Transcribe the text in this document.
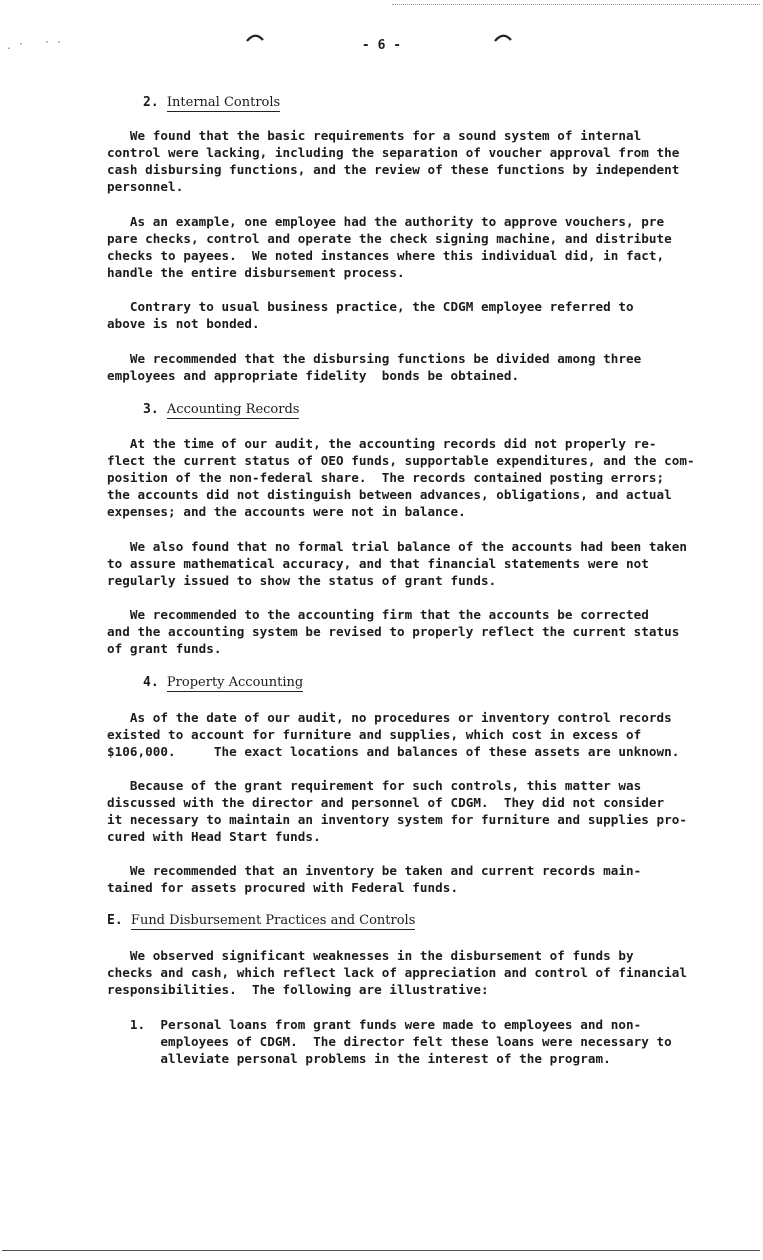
. · · ·	- 6 -
2. Internal Controls
We found that the basic requirements for a sound system of internal
control were lacking, including the separation of voucher approval from the
cash disbursing functions, and the review of these functions by independent
personnel.
As an example, one employee had the authority to approve vouchers, pre
pare checks, control and operate the check signing machine, and distribute
checks to payees.  We noted instances where this individual did, in fact,
handle the entire disbursement process.
Contrary to usual business practice, the CDGM employee referred to
above is not bonded.
We recommended that the disbursing functions be divided among three
employees and appropriate fidelity  bonds be obtained.
3. Accounting Records
At the time of our audit, the accounting records did not properly re-
flect the current status of OEO funds, supportable expenditures, and the com-
position of the non-federal share.  The records contained posting errors;
the accounts did not distinguish between advances, obligations, and actual
expenses; and the accounts were not in balance.
We also found that no formal trial balance of the accounts had been taken
to assure mathematical accuracy, and that financial statements were not
regularly issued to show the status of grant funds.
We recommended to the accounting firm that the accounts be corrected
and the accounting system be revised to properly reflect the current status
of grant funds.
4. Property Accounting
As of the date of our audit, no procedures or inventory control records
existed to account for furniture and supplies, which cost in excess of
$106,000.     The exact locations and balances of these assets are unknown.
Because of the grant requirement for such controls, this matter was
discussed with the director and personnel of CDGM.  They did not consider
it necessary to maintain an inventory system for furniture and supplies pro-
cured with Head Start funds.
We recommended that an inventory be taken and current records main-
tained for assets procured with Federal funds.
E. Fund Disbursement Practices and Controls
We observed significant weaknesses in the disbursement of funds by
checks and cash, which reflect lack of appreciation and control of financial
responsibilities.  The following are illustrative:
1.  Personal loans from grant funds were made to employees and non-
employees of CDGM.  The director felt these loans were necessary to
alleviate personal problems in the interest of the program.
